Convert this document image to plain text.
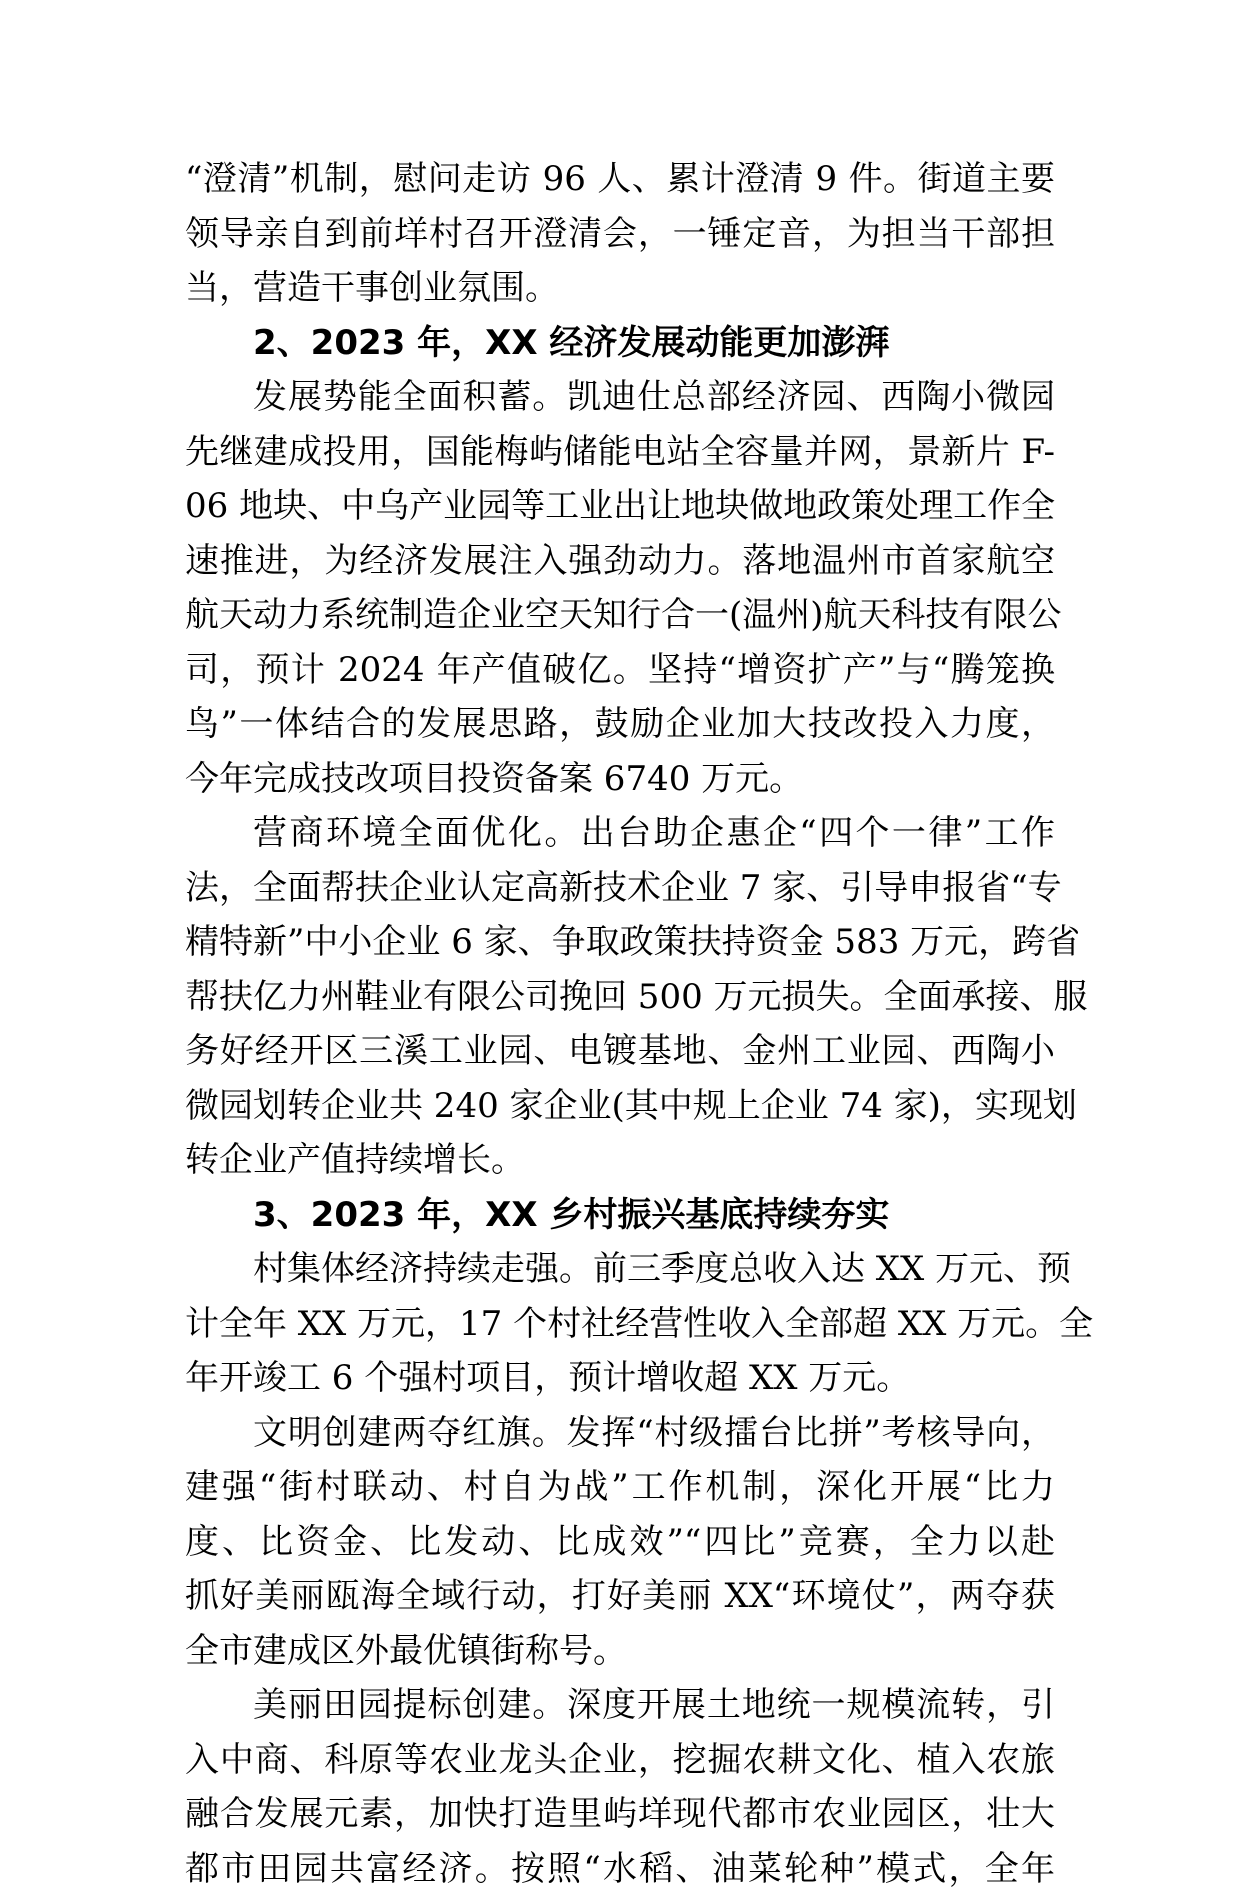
“澄清”机制，慰问走访 96 人、累计澄清 9 件。街道主要
领导亲自到前垟村召开澄清会，一锤定音，为担当干部担
当，营造干事创业氛围。
2、2023 年，XX 经济发展动能更加澎湃
发展势能全面积蓄。凯迪仕总部经济园、西陶小微园
先继建成投用，国能梅屿储能电站全容量并网，景新片 F-
06 地块、中乌产业园等工业出让地块做地政策处理工作全
速推进，为经济发展注入强劲动力。落地温州市首家航空
航天动力系统制造企业空天知行合一(温州)航天科技有限公
司，预计 2024 年产值破亿。坚持“增资扩产”与“腾笼换
鸟”一体结合的发展思路，鼓励企业加大技改投入力度，
今年完成技改项目投资备案 6740 万元。
营商环境全面优化。出台助企惠企“四个一律”工作
法，全面帮扶企业认定高新技术企业 7 家、引导申报省“专
精特新”中小企业 6 家、争取政策扶持资金 583 万元，跨省
帮扶亿力州鞋业有限公司挽回 500 万元损失。全面承接、服
务好经开区三溪工业园、电镀基地、金州工业园、西陶小
微园划转企业共 240 家企业(其中规上企业 74 家)，实现划
转企业产值持续增长。
3、2023 年，XX 乡村振兴基底持续夯实
村集体经济持续走强。前三季度总收入达 XX 万元、预
计全年 XX 万元，17 个村社经营性收入全部超 XX 万元。全
年开竣工 6 个强村项目，预计增收超 XX 万元。
文明创建两夺红旗。发挥“村级擂台比拼”考核导向，
建强“街村联动、村自为战”工作机制，深化开展“比力
度、比资金、比发动、比成效”“四比”竞赛，全力以赴
抓好美丽瓯海全域行动，打好美丽 XX“环境仗”，两夺获
全市建成区外最优镇街称号。
美丽田园提标创建。深度开展土地统一规模流转，引
入中商、科原等农业龙头企业，挖掘农耕文化、植入农旅
融合发展元素，加快打造里屿垟现代都市农业园区，壮大
都市田园共富经济。按照“水稻、油菜轮种”模式，全年
